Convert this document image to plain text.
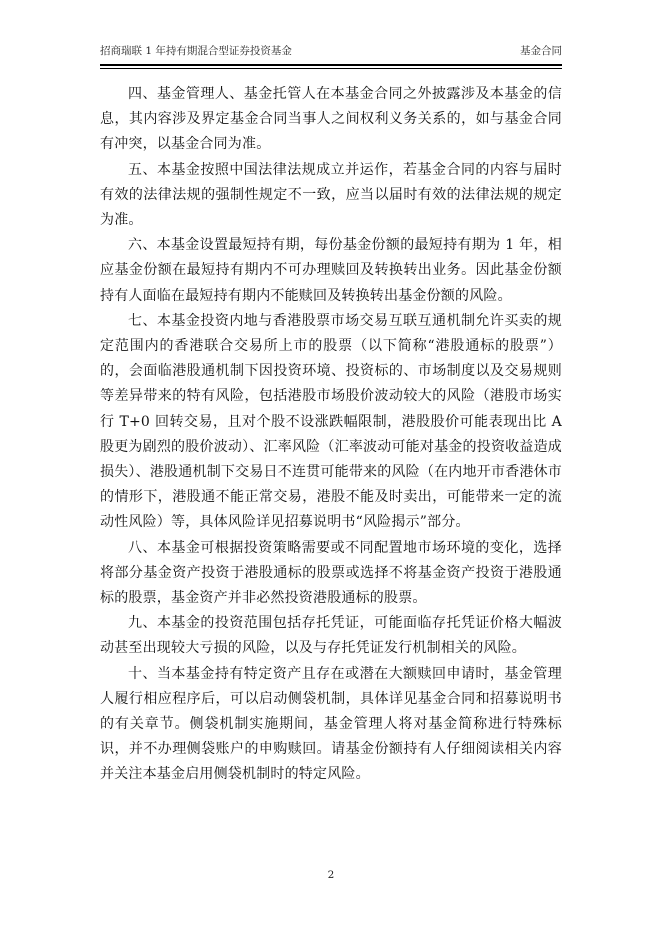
招商瑞联 1 年持有期混合型证券投资基金	基金合同

四、基金管理人、基金托管人在本基金合同之外披露涉及本基金的信息，其内容涉及界定基金合同当事人之间权利义务关系的，如与基金合同有冲突，以基金合同为准。

五、本基金按照中国法律法规成立并运作，若基金合同的内容与届时有效的法律法规的强制性规定不一致，应当以届时有效的法律法规的规定为准。

六、本基金设置最短持有期，每份基金份额的最短持有期为 1 年，相应基金份额在最短持有期内不可办理赎回及转换转出业务。因此基金份额持有人面临在最短持有期内不能赎回及转换转出基金份额的风险。

七、本基金投资内地与香港股票市场交易互联互通机制允许买卖的规定范围内的香港联合交易所上市的股票（以下简称“港股通标的股票”）的，会面临港股通机制下因投资环境、投资标的、市场制度以及交易规则等差异带来的特有风险，包括港股市场股价波动较大的风险（港股市场实行 T+0 回转交易，且对个股不设涨跌幅限制，港股股价可能表现出比 A 股更为剧烈的股价波动）、汇率风险（汇率波动可能对基金的投资收益造成损失）、港股通机制下交易日不连贯可能带来的风险（在内地开市香港休市的情形下，港股通不能正常交易，港股不能及时卖出，可能带来一定的流动性风险）等，具体风险详见招募说明书“风险揭示”部分。

八、本基金可根据投资策略需要或不同配置地市场环境的变化，选择将部分基金资产投资于港股通标的股票或选择不将基金资产投资于港股通标的股票，基金资产并非必然投资港股通标的股票。

九、本基金的投资范围包括存托凭证，可能面临存托凭证价格大幅波动甚至出现较大亏损的风险，以及与存托凭证发行机制相关的风险。

十、当本基金持有特定资产且存在或潜在大额赎回申请时，基金管理人履行相应程序后，可以启动侧袋机制，具体详见基金合同和招募说明书的有关章节。侧袋机制实施期间，基金管理人将对基金简称进行特殊标识，并不办理侧袋账户的申购赎回。请基金份额持有人仔细阅读相关内容并关注本基金启用侧袋机制时的特定风险。

2
